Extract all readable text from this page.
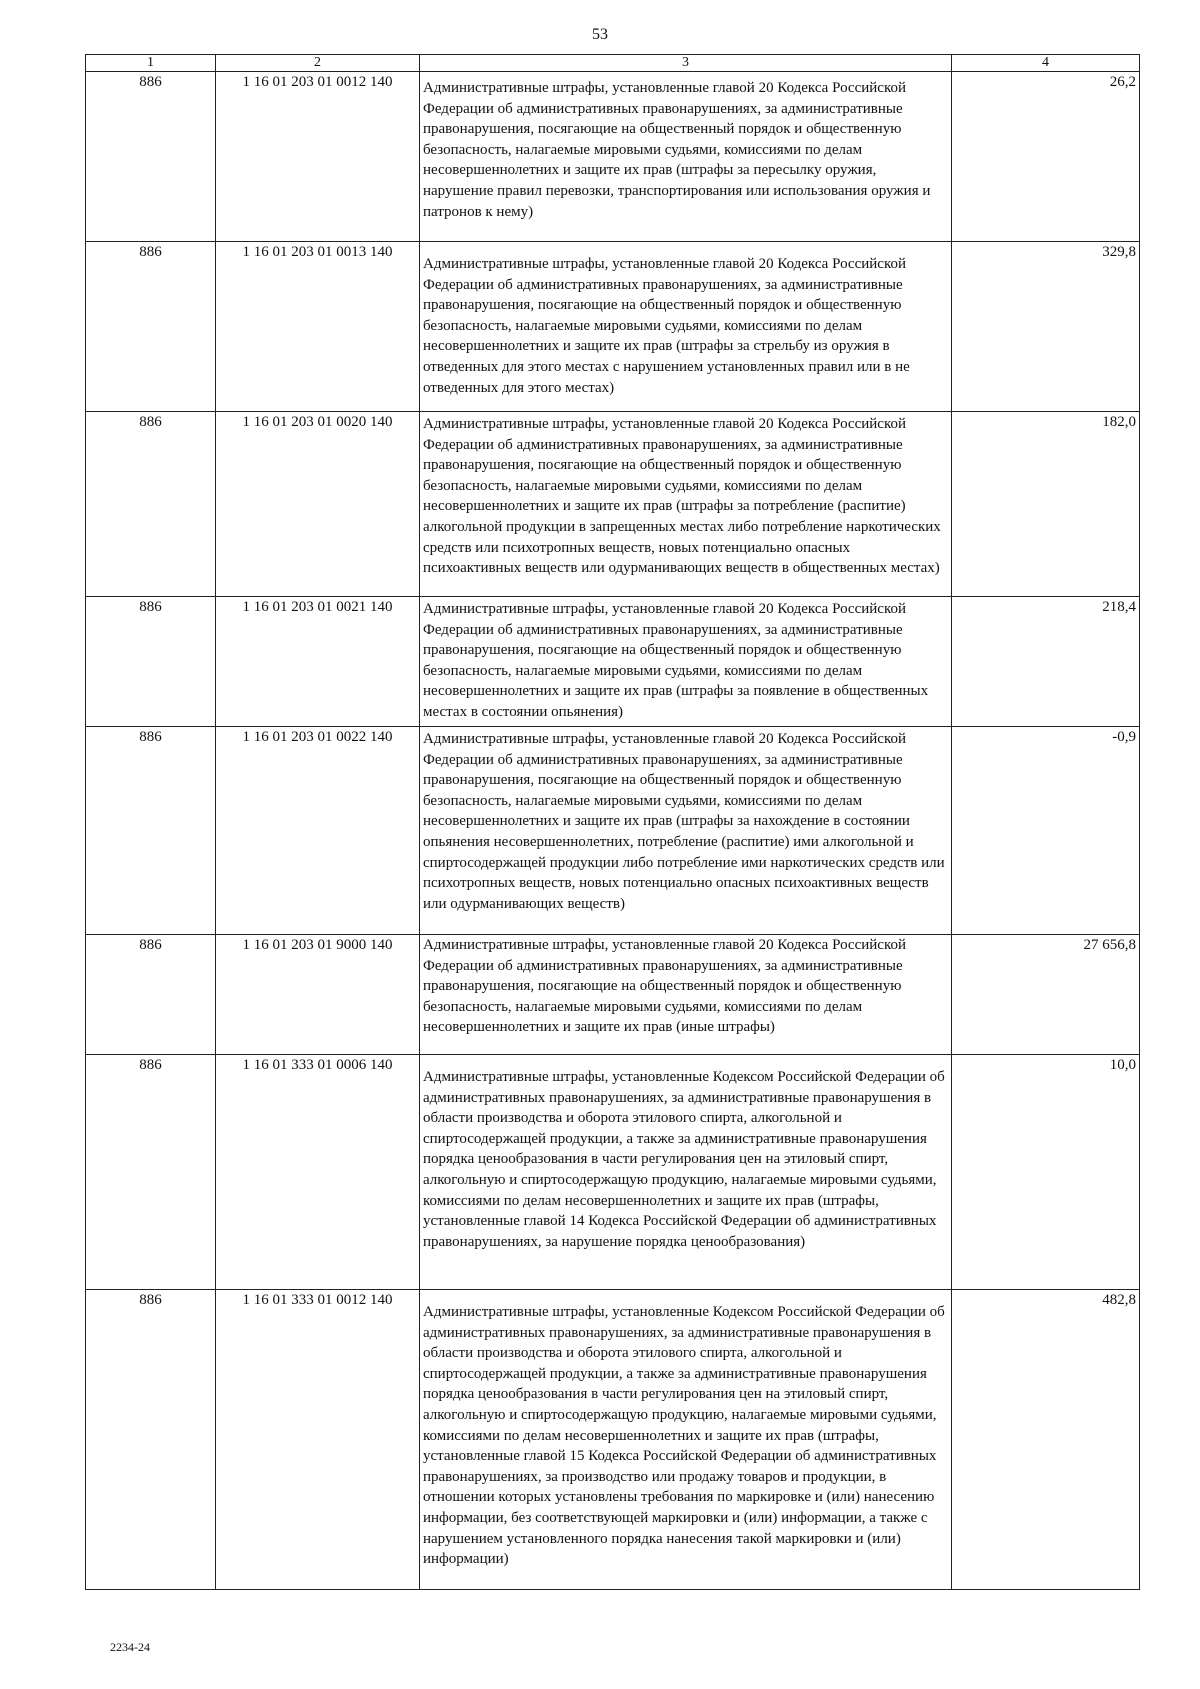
53
1	2	3	4
886	1 16 01 203 01 0012 140	Административные штрафы, установленные главой 20 Кодекса Российской Федерации об административных правонарушениях, за административные правонарушения, посягающие на общественный порядок и общественную безопасность, налагаемые мировыми судьями, комиссиями по делам несовершеннолетних и защите их прав (штрафы за пересылку оружия, нарушение правил перевозки, транспортирования или использования оружия и патронов к нему)	26,2
886	1 16 01 203 01 0013 140	Административные штрафы, установленные главой 20 Кодекса Российской Федерации об административных правонарушениях, за административные правонарушения, посягающие на общественный порядок и общественную безопасность, налагаемые мировыми судьями, комиссиями по делам несовершеннолетних и защите их прав (штрафы за стрельбу из оружия в отведенных для этого местах с нарушением установленных правил или в не отведенных для этого местах)	329,8
886	1 16 01 203 01 0020 140	Административные штрафы, установленные главой 20 Кодекса Российской Федерации об административных правонарушениях, за административные правонарушения, посягающие на общественный порядок и общественную безопасность, налагаемые мировыми судьями, комиссиями по делам несовершеннолетних и защите их прав (штрафы за потребление (распитие) алкогольной продукции в запрещенных местах либо потребление наркотических средств или психотропных веществ, новых потенциально опасных психоактивных веществ или одурманивающих веществ в общественных местах)	182,0
886	1 16 01 203 01 0021 140	Административные штрафы, установленные главой 20 Кодекса Российской Федерации об административных правонарушениях, за административные правонарушения, посягающие на общественный порядок и общественную безопасность, налагаемые мировыми судьями, комиссиями по делам несовершеннолетних и защите их прав (штрафы за появление в общественных местах в состоянии опьянения)	218,4
886	1 16 01 203 01 0022 140	Административные штрафы, установленные главой 20 Кодекса Российской Федерации об административных правонарушениях, за административные правонарушения, посягающие на общественный порядок и общественную безопасность, налагаемые мировыми судьями, комиссиями по делам несовершеннолетних и защите их прав (штрафы за нахождение в состоянии опьянения несовершеннолетних, потребление (распитие) ими алкогольной и спиртосодержащей продукции либо потребление ими наркотических средств или психотропных веществ, новых потенциально опасных психоактивных веществ или одурманивающих веществ)	-0,9
886	1 16 01 203 01 9000 140	Административные штрафы, установленные главой 20 Кодекса Российской Федерации об административных правонарушениях, за административные правонарушения, посягающие на общественный порядок и общественную безопасность, налагаемые мировыми судьями, комиссиями по делам несовершеннолетних и защите их прав (иные штрафы)	27 656,8
886	1 16 01 333 01 0006 140	Административные штрафы, установленные Кодексом Российской Федерации об административных правонарушениях, за административные правонарушения в области производства и оборота этилового спирта, алкогольной и спиртосодержащей продукции, а также за административные правонарушения порядка ценообразования в части регулирования цен на этиловый спирт, алкогольную и спиртосодержащую продукцию, налагаемые мировыми судьями, комиссиями по делам несовершеннолетних и защите их прав (штрафы, установленные главой 14 Кодекса Российской Федерации об административных правонарушениях, за нарушение порядка ценообразования)	10,0
886	1 16 01 333 01 0012 140	Административные штрафы, установленные Кодексом Российской Федерации об административных правонарушениях, за административные правонарушения в области производства и оборота этилового спирта, алкогольной и спиртосодержащей продукции, а также за административные правонарушения порядка ценообразования в части регулирования цен на этиловый спирт, алкогольную и спиртосодержащую продукцию, налагаемые мировыми судьями, комиссиями по делам несовершеннолетних и защите их прав (штрафы, установленные главой 15 Кодекса Российской Федерации об административных правонарушениях, за производство или продажу товаров и продукции, в отношении которых установлены требования по маркировке и (или) нанесению информации, без соответствующей маркировки и (или) информации, а также с нарушением установленного порядка нанесения такой маркировки и (или) информации)	482,8
2234-24
